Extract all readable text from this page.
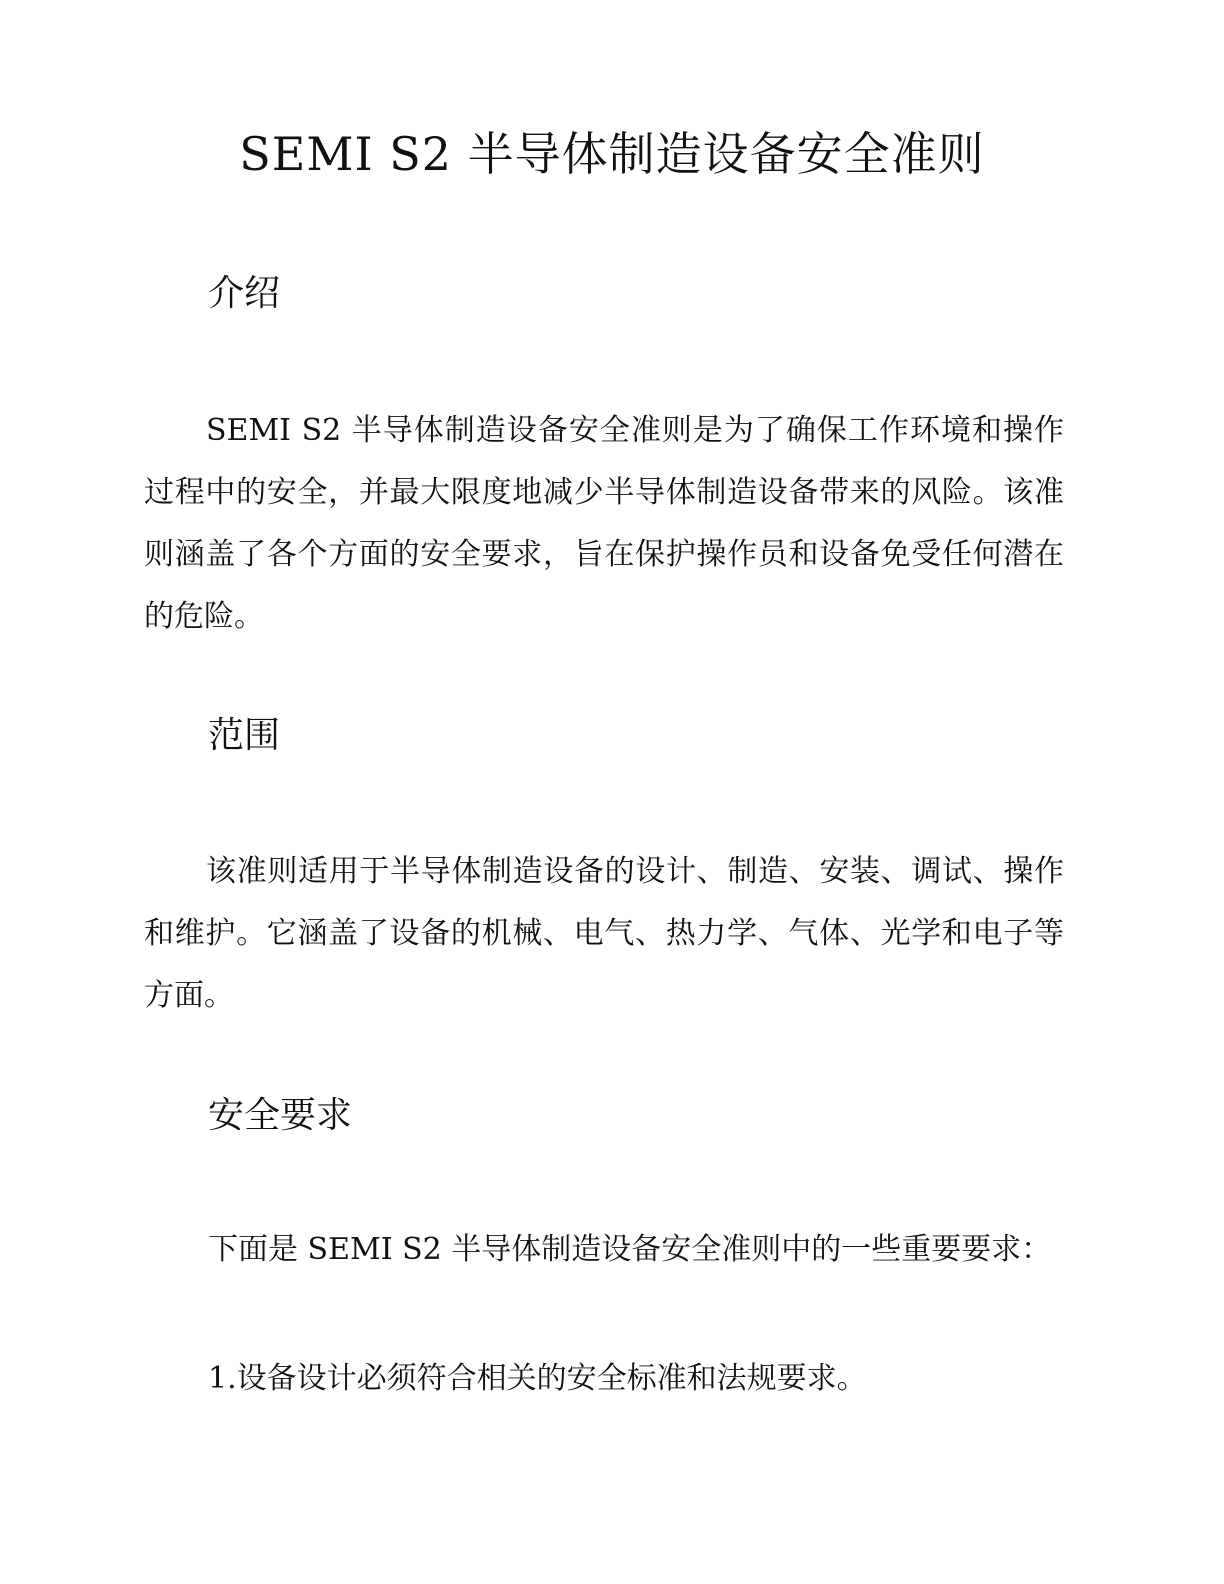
SEMI S2 半导体制造设备安全准则
介绍

SEMI S2 半导体制造设备安全准则是为了确保工作环境和操作过程中的安全，并最大限度地减少半导体制造设备带来的风险。该准则涵盖了各个方面的安全要求，旨在保护操作员和设备免受任何潜在的危险。

范围

该准则适用于半导体制造设备的设计、制造、安装、调试、操作和维护。它涵盖了设备的机械、电气、热力学、气体、光学和电子等方面。

安全要求

下面是 SEMI S2 半导体制造设备安全准则中的一些重要要求：

1.设备设计必须符合相关的安全标准和法规要求。
